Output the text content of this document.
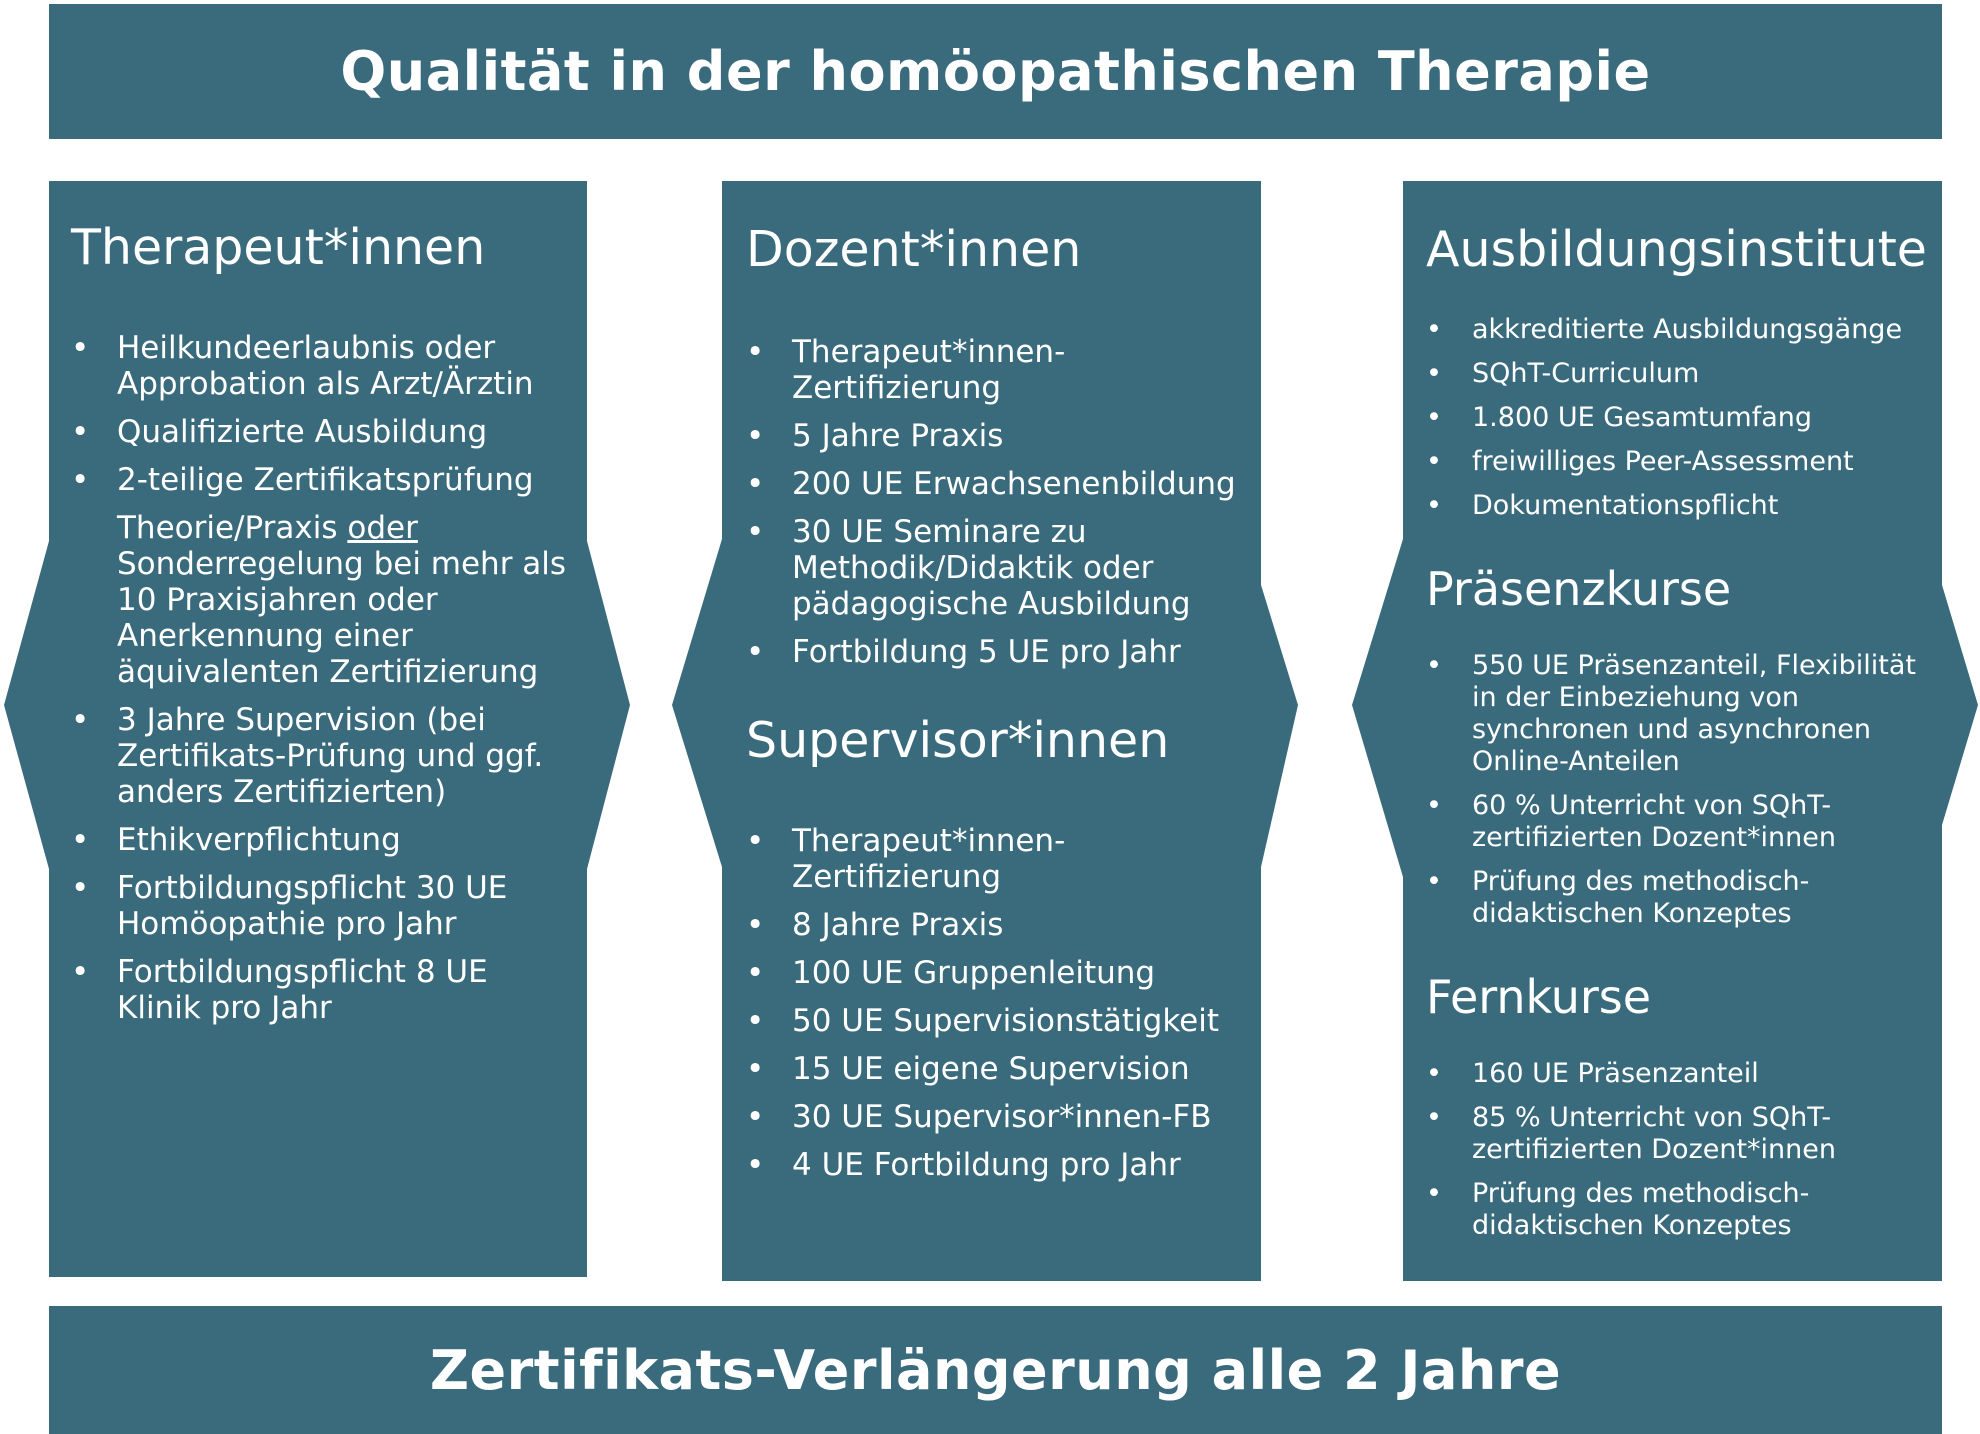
Qualität in der homöopathischen Therapie
Therapeut*innen
• Heilkundeerlaubnis oder Approbation als Arzt/Ärztin
• Qualifizierte Ausbildung
• 2-teilige Zertifikatsprüfung
Theorie/Praxis oder Sonderregelung bei mehr als 10 Praxisjahren oder Anerkennung einer äquivalenten Zertifizierung
• 3 Jahre Supervision (bei Zertifikats-Prüfung und ggf. anders Zertifizierten)
• Ethikverpflichtung
• Fortbildungspflicht 30 UE Homöopathie pro Jahr
• Fortbildungspflicht 8 UE Klinik pro Jahr
Dozent*innen
• Therapeut*innen-Zertifizierung
• 5 Jahre Praxis
• 200 UE Erwachsenenbildung
• 30 UE Seminare zu Methodik/Didaktik oder pädagogische Ausbildung
• Fortbildung 5 UE pro Jahr
Supervisor*innen
• Therapeut*innen-Zertifizierung
• 8 Jahre Praxis
• 100 UE Gruppenleitung
• 50 UE Supervisionstätigkeit
• 15 UE eigene Supervision
• 30 UE Supervisor*innen-FB
• 4 UE Fortbildung pro Jahr
Ausbildungsinstitute
• akkreditierte Ausbildungsgänge
• SQhT-Curriculum
• 1.800 UE Gesamtumfang
• freiwilliges Peer-Assessment
• Dokumentationspflicht
Präsenzkurse
• 550 UE Präsenzanteil, Flexibilität in der Einbeziehung von synchronen und asynchronen Online-Anteilen
• 60 % Unterricht von SQhT-zertifizierten Dozent*innen
• Prüfung des methodisch-didaktischen Konzeptes
Fernkurse
• 160 UE Präsenzanteil
• 85 % Unterricht von SQhT-zertifizierten Dozent*innen
• Prüfung des methodisch-didaktischen Konzeptes
Zertifikats-Verlängerung alle 2 Jahre
